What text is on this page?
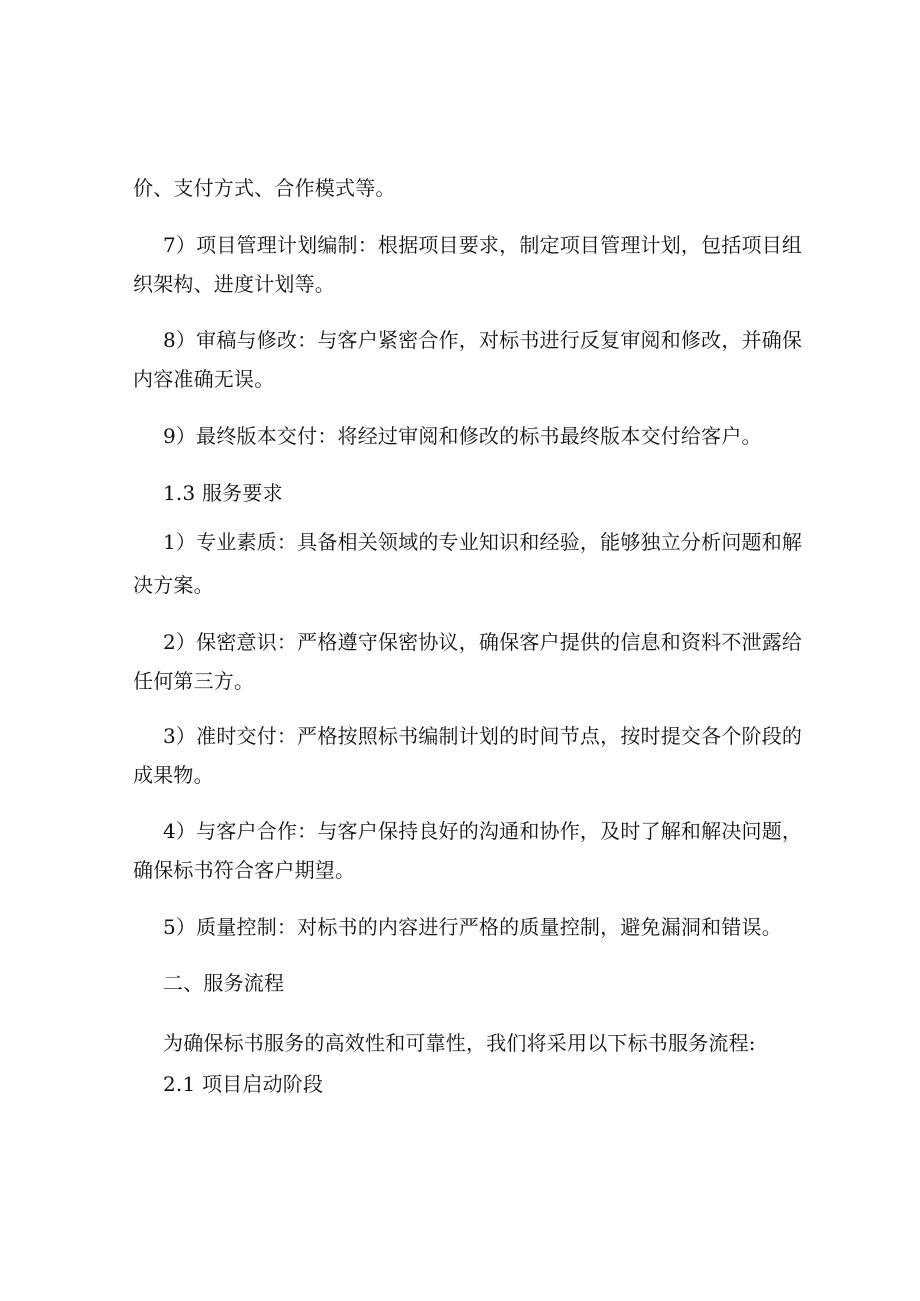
价、支付方式、合作模式等。
7）项目管理计划编制：根据项目要求，制定项目管理计划，包括项目组
织架构、进度计划等。
8）审稿与修改：与客户紧密合作，对标书进行反复审阅和修改，并确保
内容准确无误。
9）最终版本交付：将经过审阅和修改的标书最终版本交付给客户。
1.3 服务要求
1）专业素质：具备相关领域的专业知识和经验，能够独立分析问题和解
决方案。
2）保密意识：严格遵守保密协议，确保客户提供的信息和资料不泄露给
任何第三方。
3）准时交付：严格按照标书编制计划的时间节点，按时提交各个阶段的
成果物。
4）与客户合作：与客户保持良好的沟通和协作，及时了解和解决问题，
确保标书符合客户期望。
5）质量控制：对标书的内容进行严格的质量控制，避免漏洞和错误。
二、服务流程
为确保标书服务的高效性和可靠性，我们将采用以下标书服务流程:
2.1 项目启动阶段
